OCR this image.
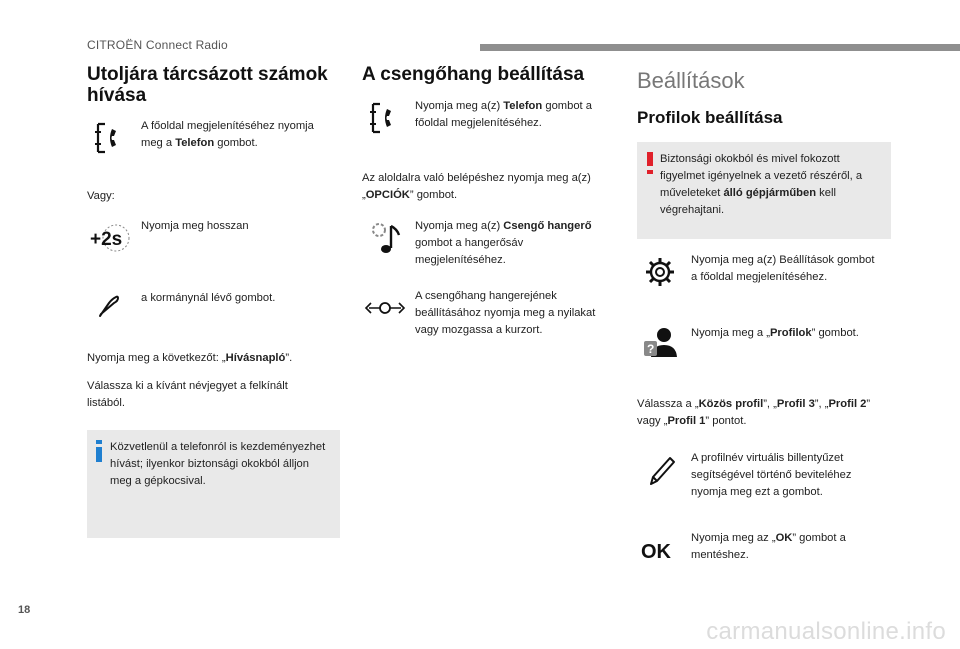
CITROËN Connect Radio
18
carmanualsonline.info
Utoljára tárcsázott számok hívása
A főoldal megjelenítéséhez nyomja meg a Telefon gombot.
Vagy:
+2s
Nyomja meg hosszan
a kormánynál lévő gombot.
Nyomja meg a következőt: „Hívásnapló”.
Válassza ki a kívánt névjegyet a felkínált listából.
Közvetlenül a telefonról is kezdeményezhet hívást; ilyenkor biztonsági okokból álljon meg a gépkocsival.
A csengőhang beállítása
Nyomja meg a(z) Telefon gombot a főoldal megjelenítéséhez.
Az aloldalra való belépéshez nyomja meg a(z) „OPCIÓK” gombot.
Nyomja meg a(z) Csengő hangerő gombot a hangerősáv megjelenítéséhez.
A csengőhang hangerejének beállításához nyomja meg a nyilakat vagy mozgassa a kurzort.
Beállítások
Profilok beállítása
Biztonsági okokból és mivel fokozott figyelmet igényelnek a vezető részéről, a műveleteket álló gépjárműben kell végrehajtani.
Nyomja meg a(z) Beállítások gombot a főoldal megjelenítéséhez.
?
Nyomja meg a „Profilok” gombot.
Válassza a „Közös profil”, „Profil 3”, „Profil 2” vagy „Profil 1” pontot.
A profilnév virtuális billentyűzet segítségével történő beviteléhez nyomja meg ezt a gombot.
OK
Nyomja meg az „OK” gombot a mentéshez.
